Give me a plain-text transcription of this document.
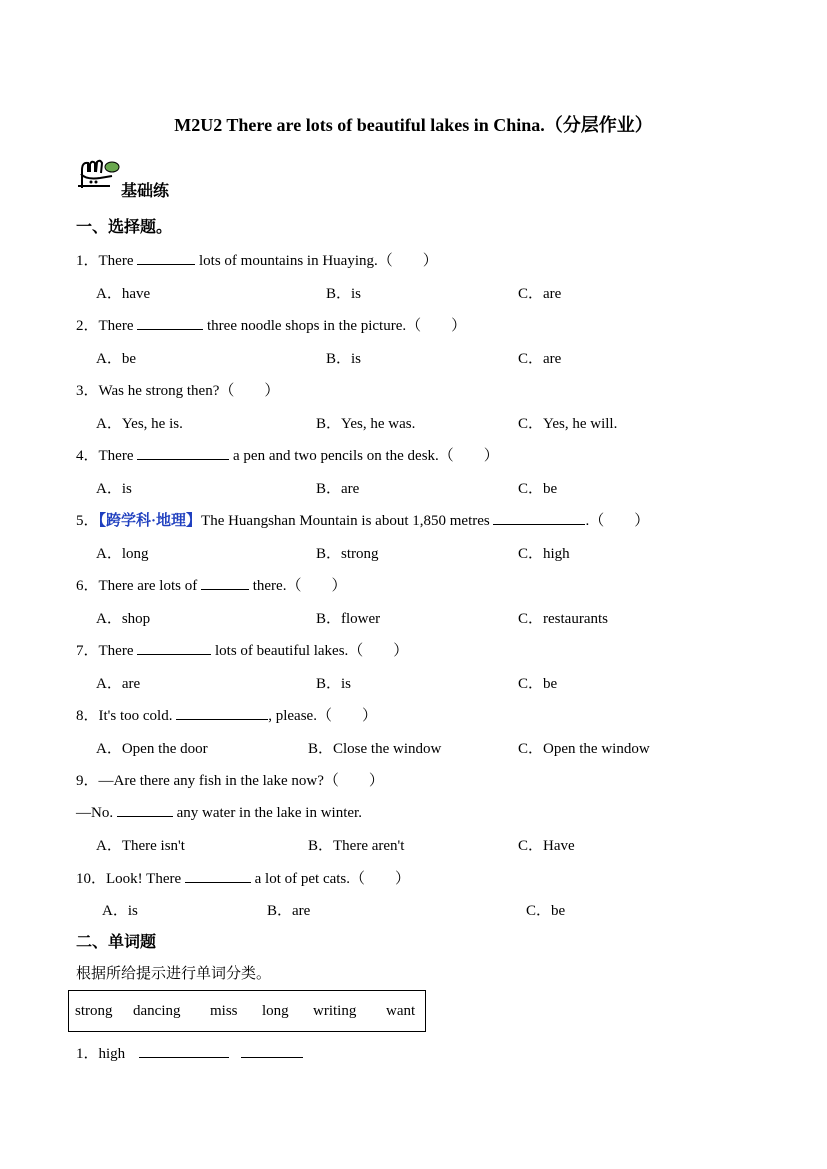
M2U2 There are lots of beautiful lakes in China.（分层作业）
基础练
一、选择题。
1．There	lots of mountains in Huaying.（　　）
A．have	B．is	C．are
2．There	three noodle shops in the picture.（　　）
A．be	B．is	C．are
3．Was he strong then?（　　）
A．Yes, he is.	B．Yes, he was.	C．Yes, he will.
4．There	a pen and two pencils on the desk.（　　）
A．is	B．are	C．be
5．【跨学科·地理】The Huangshan Mountain is about 1,850 metres	.（　　）
A．long	B．strong	C．high
6．There are lots of	there.（　　）
A．shop	B．flower	C．restaurants
7．There	lots of beautiful lakes.（　　）
A．are	B．is	C．be
8．It's too cold.	, please.（　　）
A．Open the door	B．Close the window	C．Open the window
9．—Are there any fish in the lake now?（　　）
—No.	any water in the lake in winter.
A．There isn't	B．There aren't	C．Have
10．Look! There	a lot of pet cats.（　　）
A．is	B．are	C．be
二、单词题
根据所给提示进行单词分类。
strong dancing miss long writing want
1．high
